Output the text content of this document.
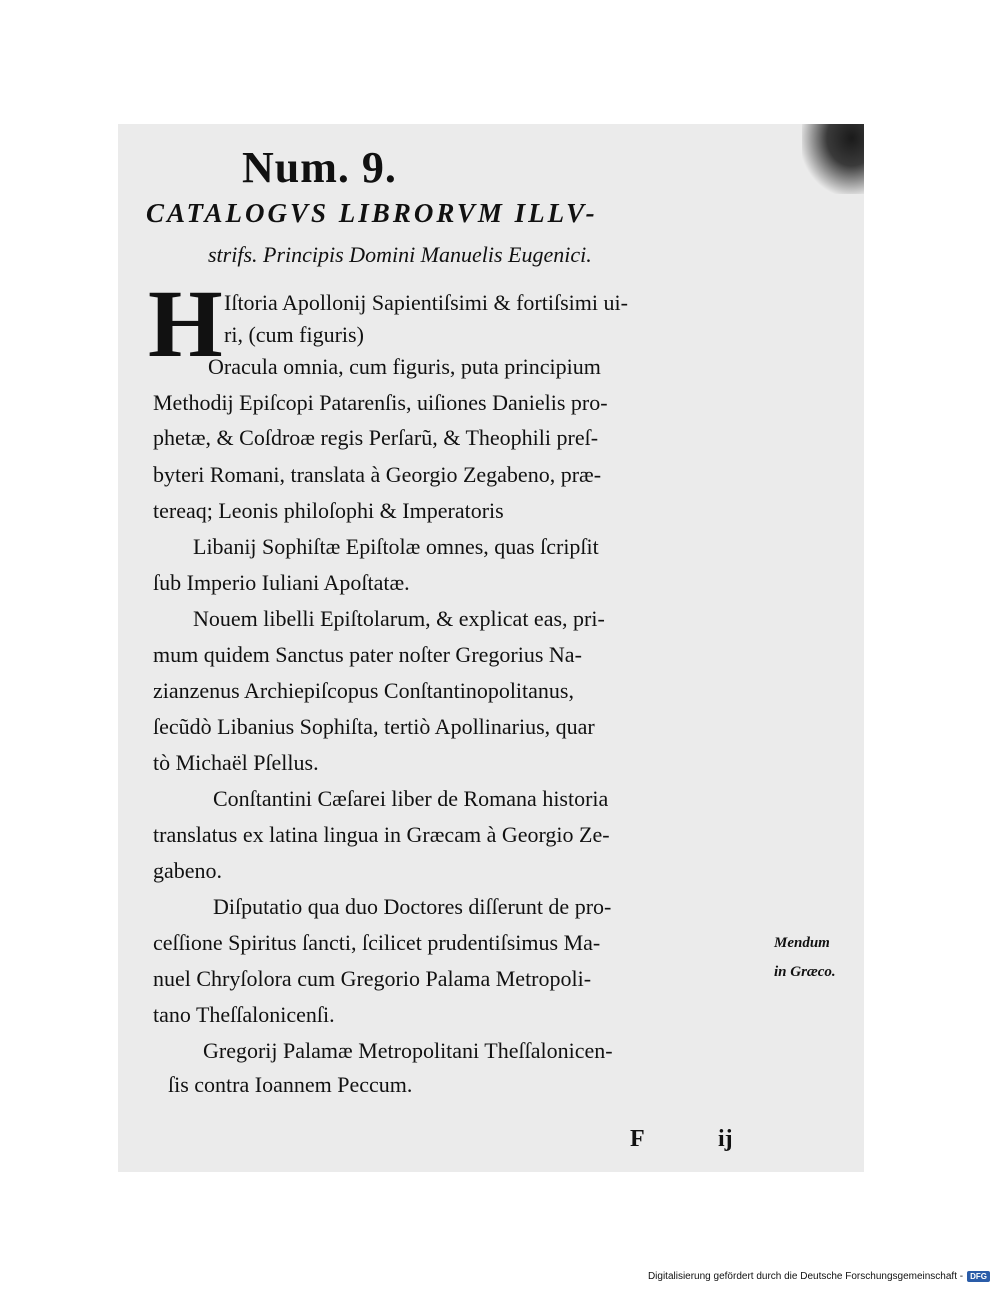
Num. 9.
CATALOGVS LIBRORVM ILLV-

strifs. Principis Domini Manuelis Eugenici.

H Iſtoria Apollonij Sapientiſsimi & fortiſsimi ui-

ri, (cum figuris)

Oracula omnia, cum figuris, puta principium

Methodij Epiſcopi Patarenſis, uiſiones Danielis pro-

phetæ, & Coſdroæ regis Perſarũ, & Theophili preſ-

byteri Romani, translata à Georgio Zegabeno, præ-

tereaq; Leonis philoſophi & Imperatoris

Libanij Sophiſtæ Epiſtolæ omnes, quas ſcripſit

ſub Imperio Iuliani Apoſtatæ.

Nouem libelli Epiſtolarum, & explicat eas, pri-

mum quidem Sanctus pater noſter Gregorius Na-

zianzenus Archiepiſcopus Conſtantinopolitanus,

ſecũdò Libanius Sophiſta, tertiò Apollinarius, quar

tò Michaël Pſellus.

Conſtantini Cæſarei liber de Romana historia

translatus ex latina lingua in Græcam à Georgio Ze-

gabeno.

Diſputatio qua duo Doctores diſſerunt de pro-

ceſſione Spiritus ſancti, ſcilicet prudentiſsimus Ma-

nuel Chryſolora cum Gregorio Palama Metropoli-

tano Theſſalonicenſi.

Gregorij Palamæ Metropolitani Theſſalonicen-

ſis contra Ioannem Peccum.

Mendum
in Græco.
F	ij
Digitalisierung gefördert durch die Deutsche Forschungsgemeinschaft - DFG
